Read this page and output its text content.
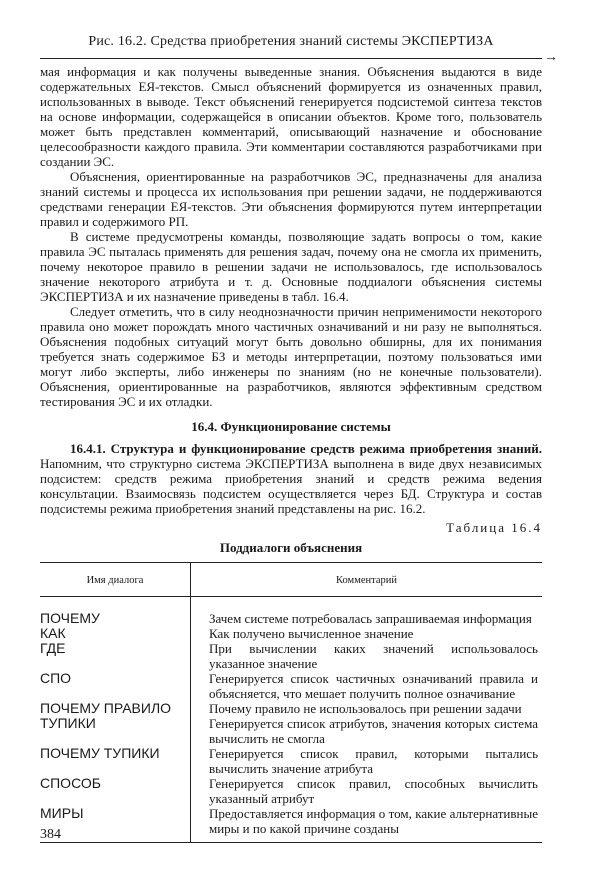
Рис. 16.2. Средства приобретения знаний системы ЭКСПЕРТИЗА
→

мая информация и как получены выведенные знания. Объяснения выдаются в виде содержательных ЕЯ-текстов. Смысл объяснений формируется из означенных правил, использованных в выводе. Текст объяснений генерируется подсистемой синтеза текстов на основе информации, содержащейся в описании объектов. Кроме того, пользователь может быть представлен комментарий, описывающий назначение и обоснование целесообразности каждого правила. Эти комментарии составляются разработчиками при создании ЭС.

Объяснения, ориентированные на разработчиков ЭС, предназначены для анализа знаний системы и процесса их использования при решении задачи, не поддерживаются средствами генерации ЕЯ-текстов. Эти объяснения формируются путем интерпретации правил и содержимого РП.

В системе предусмотрены команды, позволяющие задать вопросы о том, какие правила ЭС пыталась применять для решения задач, почему она не смогла их применить, почему некоторое правило в решении задачи не использовалось, где использовалось значение некоторого атрибута и т. д. Основные поддиалоги объяснения системы ЭКСПЕРТИЗА и их назначение приведены в табл. 16.4.

Следует отметить, что в силу неоднозначности причин неприменимости некоторого правила оно может порождать много частичных означиваний и ни разу не выполняться. Объяснения подобных ситуаций могут быть довольно обширны, для их понимания требуется знать содержимое БЗ и методы интерпретации, поэтому пользоваться ими могут либо эксперты, либо инженеры по знаниям (но не конечные пользователи). Объяснения, ориентированные на разработчиков, являются эффективным средством тестирования ЭС и их отладки.

16.4. Функционирование системы

16.4.1. Структура и функционирование средств режима приобретения знаний. Напомним, что структурно система ЭКСПЕРТИЗА выполнена в виде двух независимых подсистем: средств режима приобретения знаний и средств режима ведения консультации. Взаимосвязь подсистем осуществляется через БД. Структура и состав подсистемы режима приобретения знаний представлены на рис. 16.2.

Таблица 16.4
Поддиалоги объяснения
Имя диалога	Комментарий
ПОЧЕМУ	Зачем системе потребовалась запрашиваемая информация
КАК	Как получено вычисленное значение
ГДЕ	При вычислении каких значений использовалось указанное значение
СПО	Генерируется список частичных означиваний правила и объясняется, что мешает получить полное означивание
ПОЧЕМУ ПРАВИЛО	Почему правило не использовалось при решении задачи
ТУПИКИ	Генерируется список атрибутов, значения которых система вычислить не смогла
ПОЧЕМУ ТУПИКИ	Генерируется список правил, которыми пытались вычислить значение атрибута
СПОСОБ	Генерируется список правил, способных вычислить указанный атрибут
МИРЫ	Предоставляется информация о том, какие альтернативные миры и по какой причине созданы
384
